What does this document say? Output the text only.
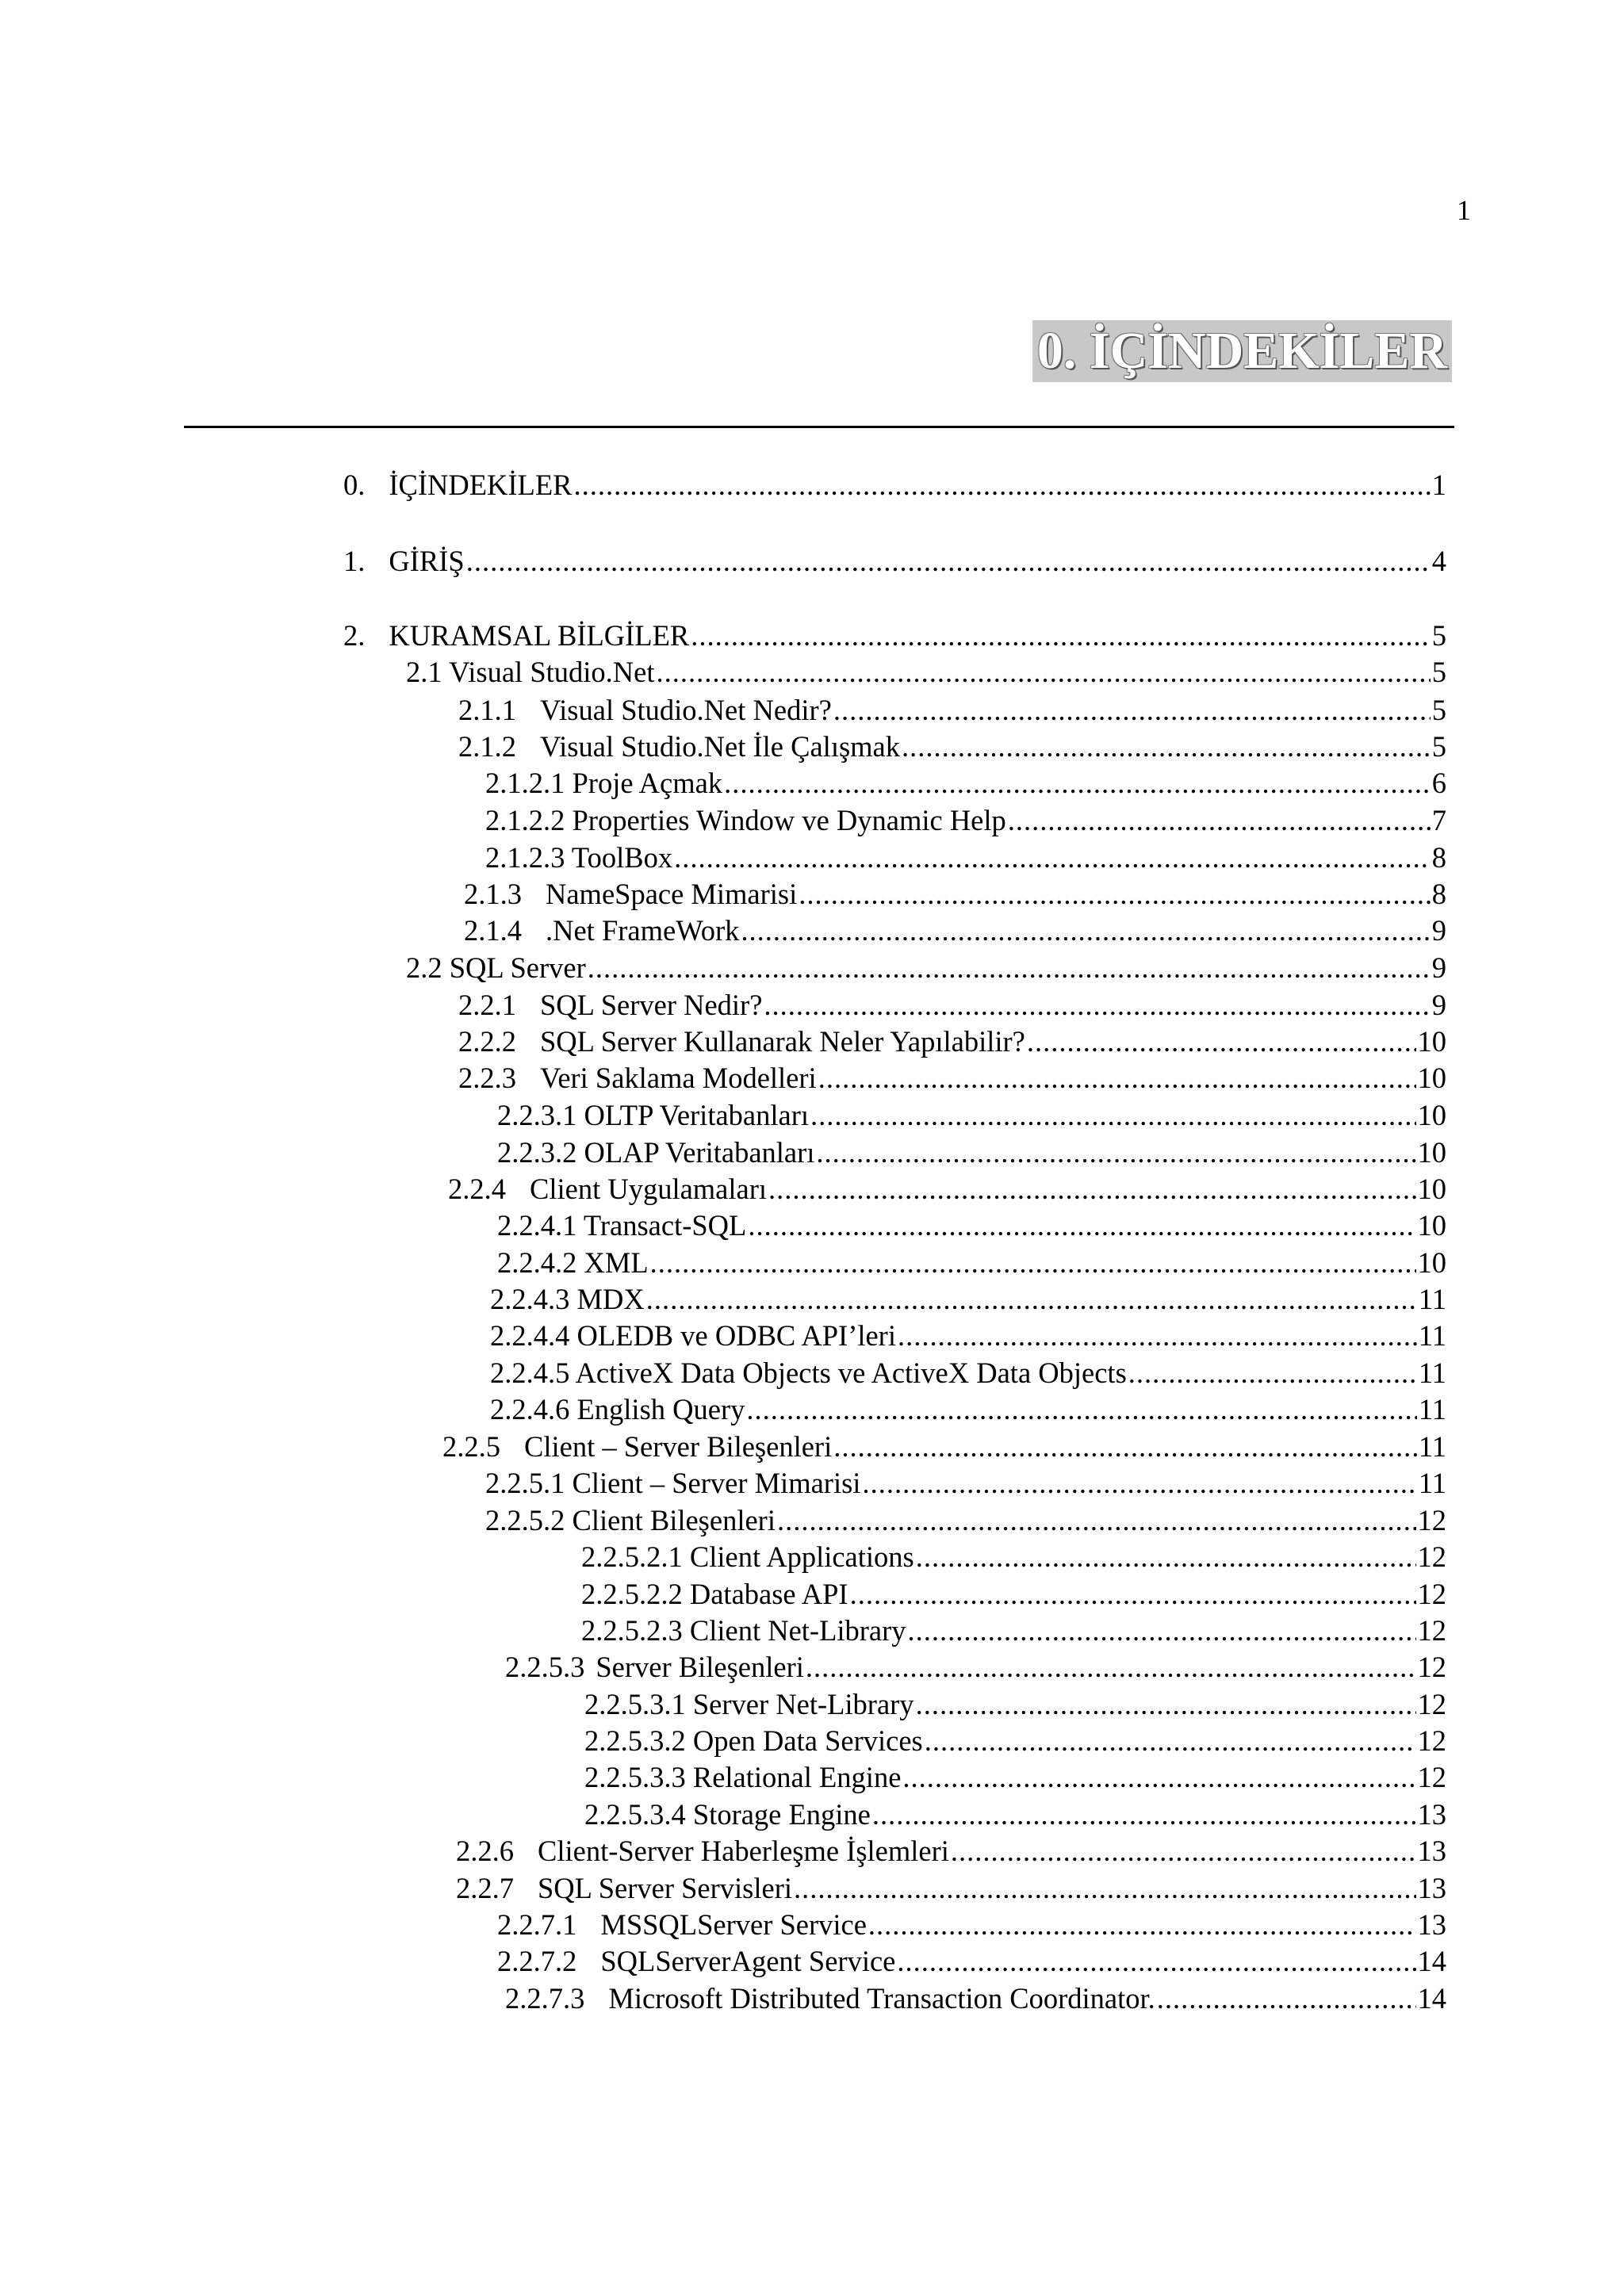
1
0. İÇİNDEKİLER
0. İÇİNDEKİLER .....	1
1. GİRİŞ .....	4
2. KURAMSAL BİLGİLER .....	5
2.1 Visual Studio.Net .....	5
2.1.1 Visual Studio.Net Nedir? .....	5
2.1.2 Visual Studio.Net İle Çalışmak .....	5
2.1.2.1 Proje Açmak .....	6
2.1.2.2 Properties Window ve Dynamic Help .....	7
2.1.2.3 ToolBox .....	8
2.1.3 NameSpace Mimarisi .....	8
2.1.4 .Net FrameWork .....	9
2.2 SQL Server .....	9
2.2.1 SQL Server Nedir? .....	9
2.2.2 SQL Server Kullanarak Neler Yapılabilir? .....	10
2.2.3 Veri Saklama Modelleri .....	10
2.2.3.1 OLTP Veritabanları .....	10
2.2.3.2 OLAP Veritabanları .....	10
2.2.4 Client Uygulamaları .....	10
2.2.4.1 Transact-SQL .....	10
2.2.4.2 XML .....	10
2.2.4.3 MDX .....	11
2.2.4.4 OLEDB ve ODBC API’leri .....	11
2.2.4.5 ActiveX Data Objects ve ActiveX Data Objects .....	11
2.2.4.6 English Query .....	11
2.2.5 Client – Server Bileşenleri .....	11
2.2.5.1 Client – Server Mimarisi .....	11
2.2.5.2 Client Bileşenleri .....	12
2.2.5.2.1 Client Applications .....	12
2.2.5.2.2 Database API .....	12
2.2.5.2.3 Client Net-Library .....	12
2.2.5.3 Server Bileşenleri .....	12
2.2.5.3.1 Server Net-Library .....	12
2.2.5.3.2 Open Data Services .....	12
2.2.5.3.3 Relational Engine .....	12
2.2.5.3.4 Storage Engine .....	13
2.2.6 Client-Server Haberleşme İşlemleri .....	13
2.2.7 SQL Server Servisleri .....	13
2.2.7.1 MSSQLServer Service .....	13
2.2.7.2 SQLServerAgent Service .....	14
2.2.7.3 Microsoft Distributed Transaction Coordinator. .....	14
